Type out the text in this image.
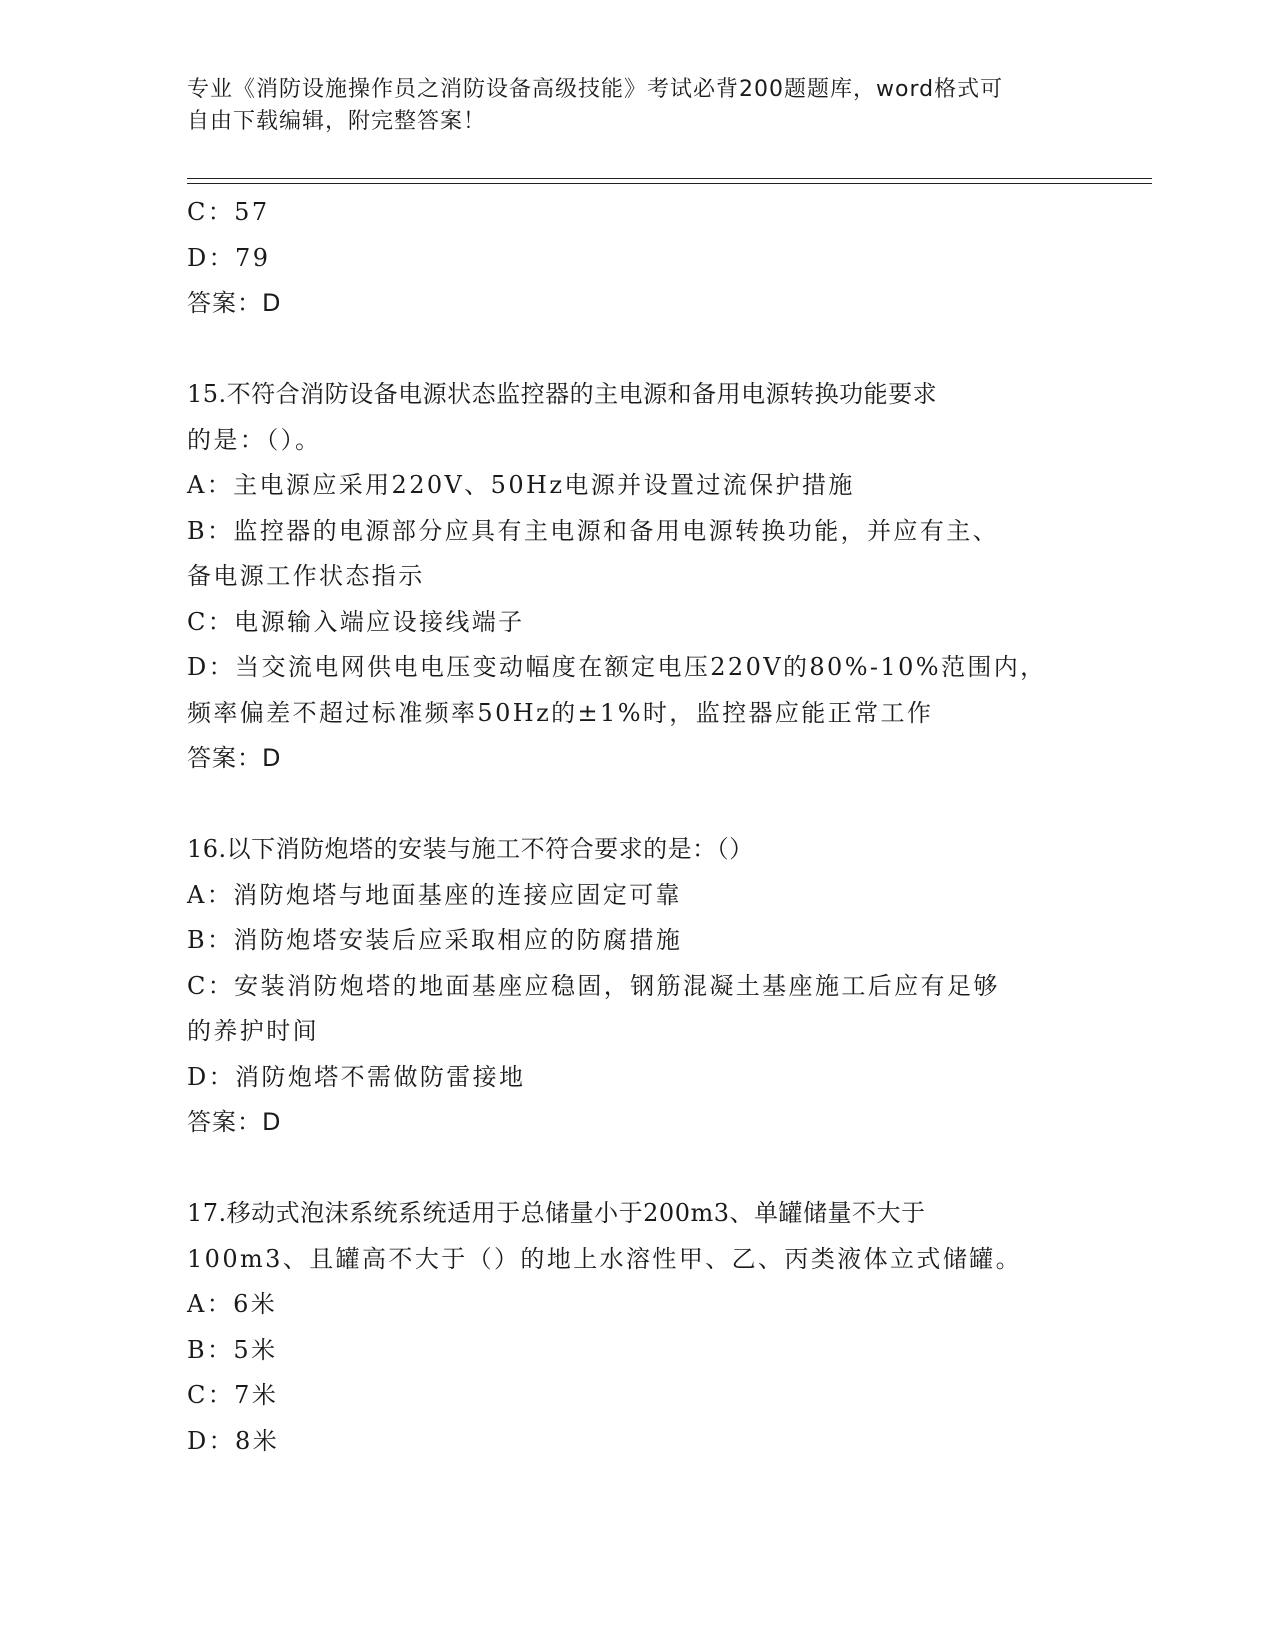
专业《消防设施操作员之消防设备高级技能》考试必背200题题库，word格式可
自由下载编辑，附完整答案！
C：57
D：79
答案：D
15.不符合消防设备电源状态监控器的主电源和备用电源转换功能要求
的是：（）。
A：主电源应采用220V、50Hz电源并设置过流保护措施
B：监控器的电源部分应具有主电源和备用电源转换功能，并应有主、
备电源工作状态指示
C：电源输入端应设接线端子
D：当交流电网供电电压变动幅度在额定电压220V的80%-10%范围内，
频率偏差不超过标准频率50Hz的±1%时，监控器应能正常工作
答案：D
16.以下消防炮塔的安装与施工不符合要求的是：（）
A：消防炮塔与地面基座的连接应固定可靠
B：消防炮塔安装后应采取相应的防腐措施
C：安装消防炮塔的地面基座应稳固，钢筋混凝土基座施工后应有足够
的养护时间
D：消防炮塔不需做防雷接地
答案：D
17.移动式泡沫系统系统适用于总储量小于200m3、单罐储量不大于
100m3、且罐高不大于（）的地上水溶性甲、乙、丙类液体立式储罐。
A：6米
B：5米
C：7米
D：8米
